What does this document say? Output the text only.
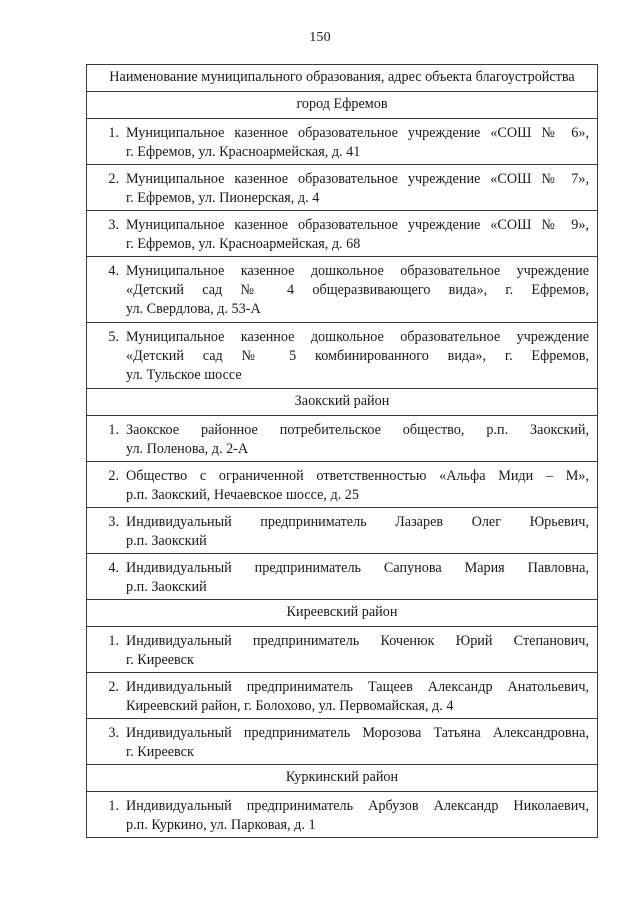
150
Наименование муниципального образования, адрес объекта благоустройства
город Ефремов
1. Муниципальное казенное образовательное учреждение «СОШ № 6»,
г. Ефремов, ул. Красноармейская, д. 41
2. Муниципальное казенное образовательное учреждение «СОШ № 7»,
г. Ефремов, ул. Пионерская, д. 4
3. Муниципальное казенное образовательное учреждение «СОШ № 9»,
г. Ефремов, ул. Красноармейская, д. 68
4. Муниципальное казенное дошкольное образовательное учреждение
«Детский сад № 4 общеразвивающего вида», г. Ефремов,
ул. Свердлова, д. 53-А
5. Муниципальное казенное дошкольное образовательное учреждение
«Детский сад № 5 комбинированного вида», г. Ефремов,
ул. Тульское шоссе
Заокский район
1. Заокское районное потребительское общество, р.п. Заокский,
ул. Поленова, д. 2-А
2. Общество с ограниченной ответственностью «Альфа Миди – М»,
р.п. Заокский, Нечаевское шоссе, д. 25
3. Индивидуальный предприниматель Лазарев Олег Юрьевич,
р.п. Заокский
4. Индивидуальный предприниматель Сапунова Мария Павловна,
р.п. Заокский
Киреевский район
1. Индивидуальный предприниматель Коченюк Юрий Степанович,
г. Киреевск
2. Индивидуальный предприниматель Тащеев Александр Анатольевич,
Киреевский район, г. Болохово, ул. Первомайская, д. 4
3. Индивидуальный предприниматель Морозова Татьяна Александровна,
г. Киреевск
Куркинский район
1. Индивидуальный предприниматель Арбузов Александр Николаевич,
р.п. Куркино, ул. Парковая, д. 1
